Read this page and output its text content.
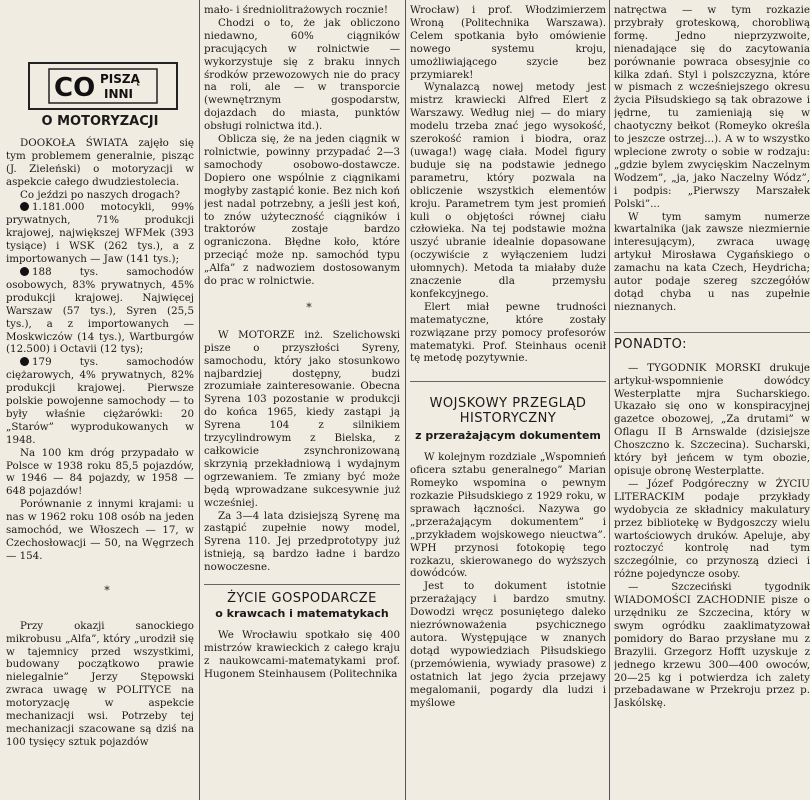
O MOTORYZACJI

DOOKOŁA ŚWIATA zajęło się tym problemem generalnie, pisząc (J. Zieleński) o motoryzacji w aspekcie całego dwudziestolecia.

Co jeździ po naszych drogach?

1.181.000 motocykli, 99% prywatnych, 71% produkcji krajowej, największej WFMek (393 tysiące) i WSK (262 tys.), a z importowanych — Jaw (141 tys.);

188 tys. samochodów osobowych, 83% prywatnych, 45% produkcji krajowej. Najwięcej Warszaw (57 tys.), Syren (25,5 tys.), a z importowanych — Moskwiczów (14 tys.), Wartburgów (12.500) i Octavii (12 tys);

179 tys. samochodów ciężarowych, 4% prywatnych, 82% produkcji krajowej. Pierwsze polskie powojenne samochody — to były właśnie ciężarówki: 20 „Starów” wyprodukowanych w 1948.

Na 100 km dróg przypadało w Polsce w 1938 roku 85,5 pojazdów, w 1946 — 84 pojazdy, w 1958 — 648 pojazdów!

Porównanie z innymi krajami: u nas w 1962 roku 108 osób na jeden samochód, we Włoszech — 17, w Czechosłowacji — 50, na Węgrzech — 154.

*

Przy okazji sanockiego mikrobusu „Alfa”, który „urodził się w tajemnicy przed wszystkimi, budowany początkowo prawie nielegalnie” Jerzy Stępowski zwraca uwagę w POLITYCE na motoryzację w aspekcie mechanizacji wsi. Potrzeby tej mechanizacji szacowane są dziś na 100 tysięcy sztuk pojazdów

CO PISZĄ
INNI

mało- i średniolitrażowych rocznie!

Chodzi o to, że jak obliczono niedawno, 60% ciągników pracujących w rolnictwie — wykorzystuje się z braku innych środków przewozowych nie do pracy na roli, ale — w transporcie (wewnętrznym gospodarstw, dojazdach do miasta, punktów obsługi rolnictwa itd.).

Oblicza się, że na jeden ciągnik w rolnictwie, powinny przypadać 2—3 samochody osobowo-dostawcze. Dopiero one wspólnie z ciągnikami mogłyby zastąpić konie. Bez nich koń jest nadal potrzebny, a jeśli jest koń, to znów użyteczność ciągników i traktorów zostaje bardzo ograniczona. Błędne koło, które przeciąć może np. samochód typu „Alfa” z nadwoziem dostosowanym do prac w rolnictwie.

*

W MOTORZE inż. Szelichowski pisze o przyszłości Syreny, samochodu, który jako stosunkowo najbardziej dostępny, budzi zrozumiałe zainteresowanie. Obecna Syrena 103 pozostanie w produkcji do końca 1965, kiedy zastąpi ją Syrena 104 z silnikiem trzycylindrowym z Bielska, z całkowicie zsynchronizowaną skrzynią przekładniową i wydajnym ogrzewaniem. Te zmiany być może będą wprowadzane sukcesywnie już wcześniej.

Za 3—4 lata dzisiejszą Syrenę ma zastąpić zupełnie nowy model, Syrena 110. Jej przedprototypy już istnieją, są bardzo ładne i bardzo nowoczesne.

ŻYCIE GOSPODARCZE

o krawcach i matematykach

We Wrocławiu spotkało się 400 mistrzów krawieckich z całego kraju z naukowcami-matematykami prof. Hugonem Steinhausem (Politechnika

Wrocław) i prof. Włodzimierzem Wroną (Politechnika Warszawa). Celem spotkania było omówienie nowego systemu kroju, umożliwiającego szycie bez przymiarek!

Wynalazcą nowej metody jest mistrz krawiecki Alfred Elert z Warszawy. Według niej — do miary modelu trzeba znać jego wysokość, szerokość ramion i biodra, oraz (uwaga!) wagę ciała. Model figury buduje się na podstawie jednego parametru, który pozwala na obliczenie wszystkich elementów kroju. Parametrem tym jest promień kuli o objętości równej ciału człowieka. Na tej podstawie można uszyć ubranie idealnie dopasowane (oczywiście z wyłączeniem ludzi ułomnych). Metoda ta miałaby duże znaczenie dla przemysłu konfekcyjnego.

Elert miał pewne trudności matematyczne, które zostały rozwiązane przy pomocy profesorów matematyki. Prof. Steinhaus ocenił tę metodę pozytywnie.

WOJSKOWY PRZEGLĄD HISTORYCZNY

z przerażającym dokumentem

W kolejnym rozdziale „Wspomnień oficera sztabu generalnego” Marian Romeyko wspomina o pewnym rozkazie Piłsudskiego z 1929 roku, w sprawach łączności. Nazywa go „przerażającym dokumentem” i „przykładem wojskowego nieuctwa”. WPH przynosi fotokopię tego rozkazu, skierowanego do wyższych dowódców.

Jest to dokument istotnie przerażający i bardzo smutny. Dowodzi wręcz posuniętego daleko niezrównoważenia psychicznego autora. Występujące w znanych dotąd wypowiedziach Piłsudskiego (przemówienia, wywiady prasowe) z ostatnich lat jego życia przejawy megalomanii, pogardy dla ludzi i myślowe

natręctwa — w tym rozkazie przybrały groteskową, chorobliwą formę. Jedno nieprzyzwoite, nienadające się do zacytowania porównanie powraca obsesyjnie co kilka zdań. Styl i polszczyzna, które w pismach z wcześniejszego okresu życia Piłsudskiego są tak obrazowe i jędrne, tu zamieniają się w chaotyczny bełkot (Romeyko określa to jeszcze ostrzej...). A w to wszystko wplecione zwroty o sobie w rodzaju: „gdzie bylem zwycięskim Naczelnym Wodzem”, „ja, jako Naczelny Wódz”, i podpis: „Pierwszy Marszałek Polski”...

W tym samym numerze kwartalnika (jak zawsze niezmiernie interesującym), zwraca uwagę artykuł Mirosława Cygańskiego o zamachu na kata Czech, Heydricha; autor podaje szereg szczegółów dotąd chyba u nas zupełnie nieznanych.

PONADTO:

— TYGODNIK MORSKI drukuje artykuł-wspomnienie dowódcy Westerplatte mjra Sucharskiego. Ukazało się ono w konspiracyjnej gazetce obozowej, „Za drutami” w Oflagu II B Arnswalde (dzisiejsze Choszczno k. Szczecina). Sucharski, który był jeńcem w tym obozie, opisuje obronę Westerplatte.

— Józef Podgóreczny w ŻYCIU LITERACKIM podaje przykłady wydobycia ze składnicy makulatury przez bibliotekę w Bydgoszczy wielu wartościowych druków. Apeluje, aby roztoczyć kontrolę nad tym szczególnie, co przynoszą dzieci i różne pojedyncze osoby.

— Szczeciński tygodnik WIADOMOŚCI ZACHODNIE pisze o urzędniku ze Szczecina, który w swym ogródku zaaklimatyzował pomidory do Barao przysłane mu z Brazylii. Grzegorz Hofft uzyskuje z jednego krzewu 300—400 owoców, 20—25 kg i potwierdza ich zalety przebadawane w Przekroju przez p. Jaskólskę.
